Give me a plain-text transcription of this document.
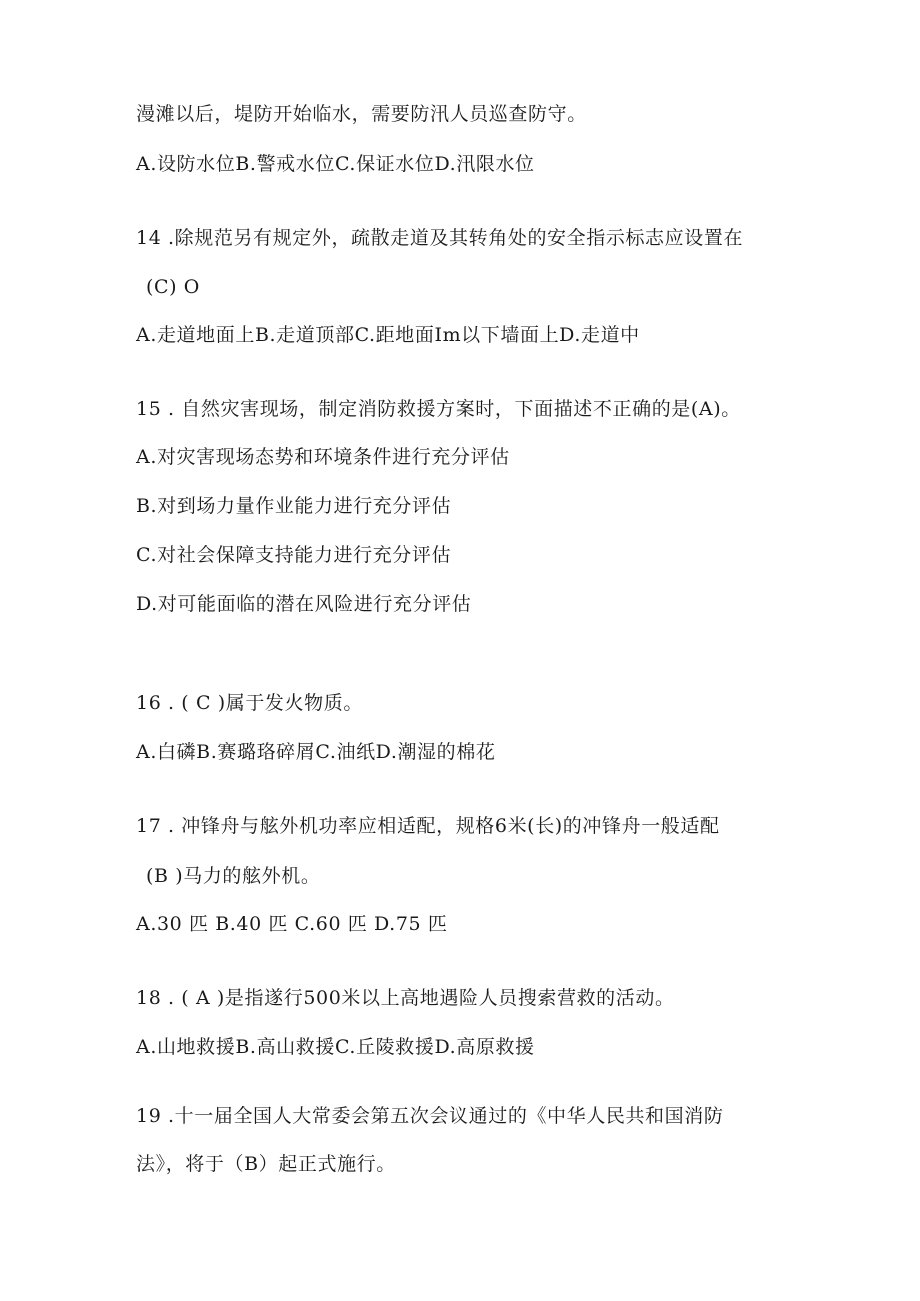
漫滩以后，堤防开始临水，需要防汛人员巡查防守。
A.设防水位B.警戒水位C.保证水位D.汛限水位
14 .除规范另有规定外，疏散走道及其转角处的安全指示标志应设置在
(C) O
A.走道地面上B.走道顶部C.距地面Im以下墙面上D.走道中
15 . 自然灾害现场，制定消防救援方案时，下面描述不正确的是(A)。
A.对灾害现场态势和环境条件进行充分评估
B.对到场力量作业能力进行充分评估
C.对社会保障支持能力进行充分评估
D.对可能面临的潜在风险进行充分评估
16 . ( C )属于发火物质。
A.白磷B.赛璐珞碎屑C.油纸D.潮湿的棉花
17 . 冲锋舟与舷外机功率应相适配，规格6米(长)的冲锋舟一般适配
(B )马力的舷外机。
A.30 匹 B.40 匹 C.60 匹 D.75 匹
18 . ( A )是指遂行500米以上高地遇险人员搜索营救的活动。
A.山地救援B.高山救援C.丘陵救援D.高原救援
19 .十一届全国人大常委会第五次会议通过的《中华人民共和国消防
法》，将于（B）起正式施行。
